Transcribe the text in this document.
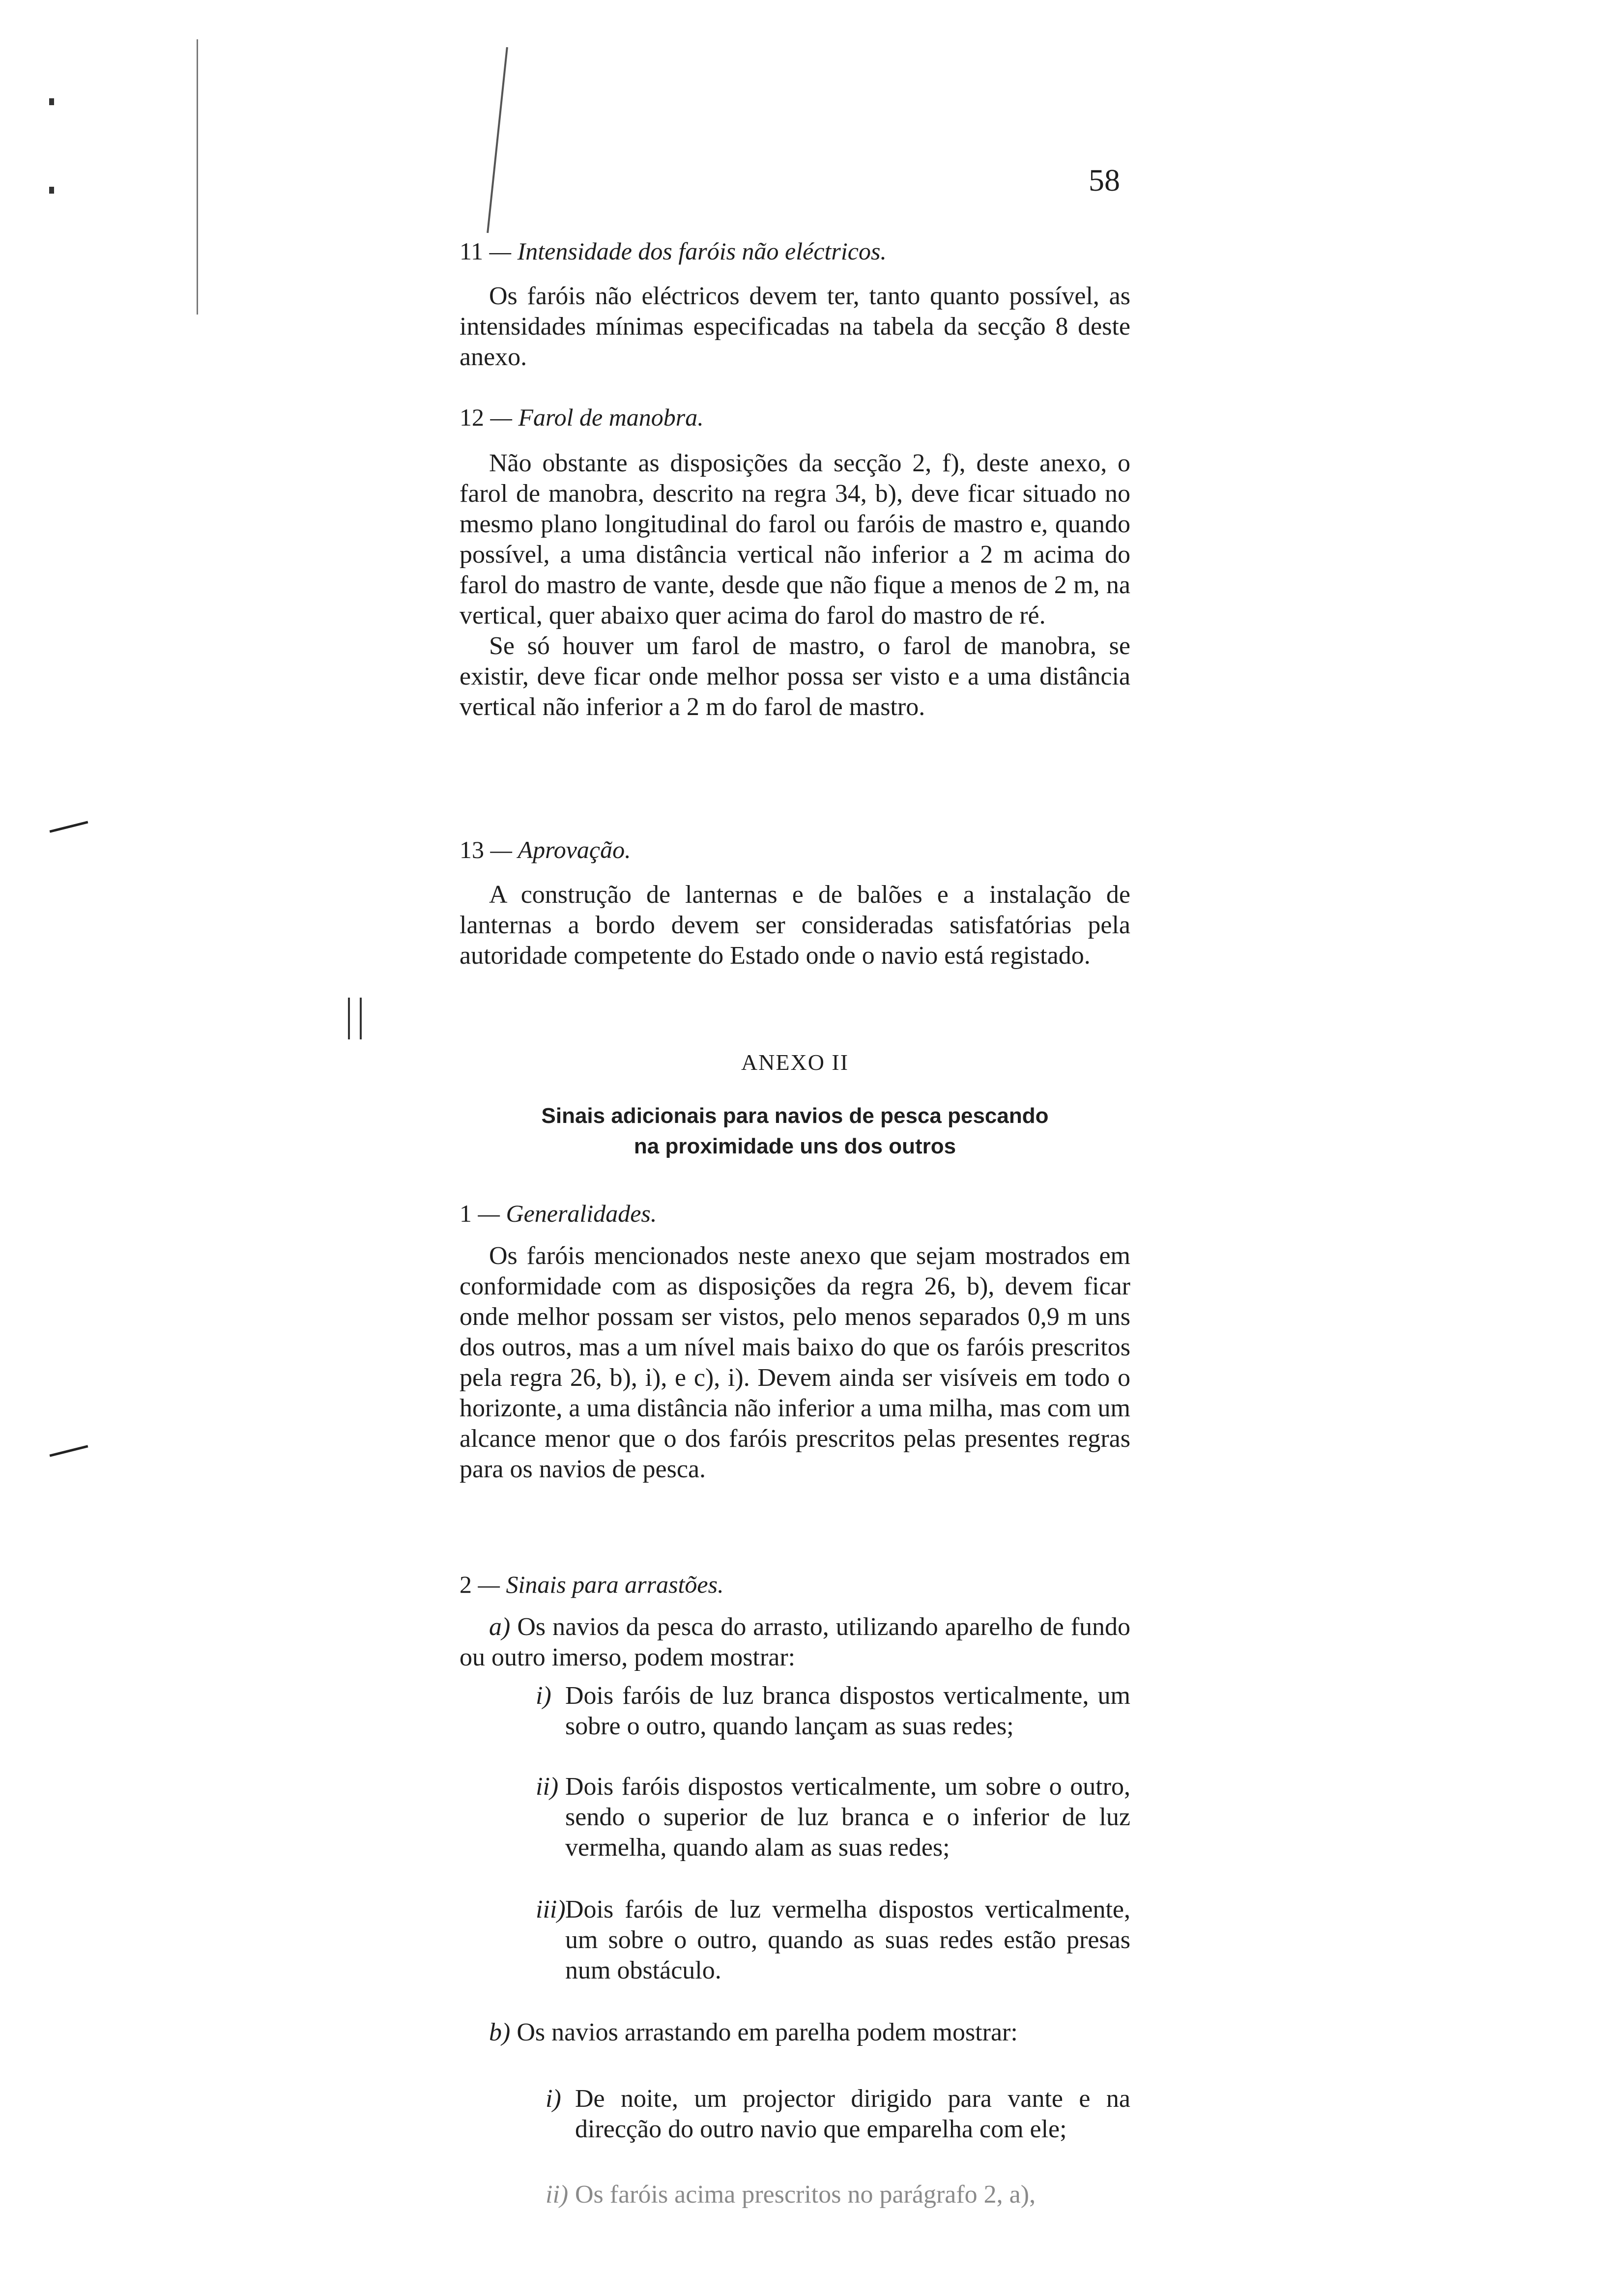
58
11 — Intensidade dos faróis não eléctricos.

Os faróis não eléctricos devem ter, tanto quanto possível, as intensidades mínimas especificadas na tabela da secção 8 deste anexo.

12 — Farol de manobra.

Não obstante as disposições da secção 2, f), deste anexo, o farol de manobra, descrito na regra 34, b), deve ficar situado no mesmo plano longitudinal do farol ou faróis de mastro e, quando possível, a uma distância vertical não inferior a 2 m acima do farol do mastro de vante, desde que não fique a menos de 2 m, na vertical, quer abaixo quer acima do farol do mastro de ré.

Se só houver um farol de mastro, o farol de manobra, se existir, deve ficar onde melhor possa ser visto e a uma distância vertical não inferior a 2 m do farol de mastro.

13 — Aprovação.

A construção de lanternas e de balões e a instalação de lanternas a bordo devem ser consideradas satisfatórias pela autoridade competente do Estado onde o navio está registado.

ANEXO II
Sinais adicionais para navios de pesca pescando
na proximidade uns dos outros
1 — Generalidades.

Os faróis mencionados neste anexo que sejam mostrados em conformidade com as disposições da regra 26, b), devem ficar onde melhor possam ser vistos, pelo menos separados 0,9 m uns dos outros, mas a um nível mais baixo do que os faróis prescritos pela regra 26, b), i), e c), i). Devem ainda ser visíveis em todo o horizonte, a uma distância não inferior a uma milha, mas com um alcance menor que o dos faróis prescritos pelas presentes regras para os navios de pesca.

2 — Sinais para arrastões.
a) Os navios da pesca do arrasto, utilizando aparelho de fundo ou outro imerso, podem mostrar:
i) Dois faróis de luz branca dispostos verticalmente, um sobre o outro, quando lançam as suas redes;
ii) Dois faróis dispostos verticalmente, um sobre o outro, sendo o superior de luz branca e o inferior de luz vermelha, quando alam as suas redes;
iii) Dois faróis de luz vermelha dispostos verticalmente, um sobre o outro, quando as suas redes estão presas num obstáculo.
b) Os navios arrastando em parelha podem mostrar:
i) De noite, um projector dirigido para vante e na direcção do outro navio que emparelha com ele;
ii) Os faróis acima prescritos no parágrafo 2, a),
